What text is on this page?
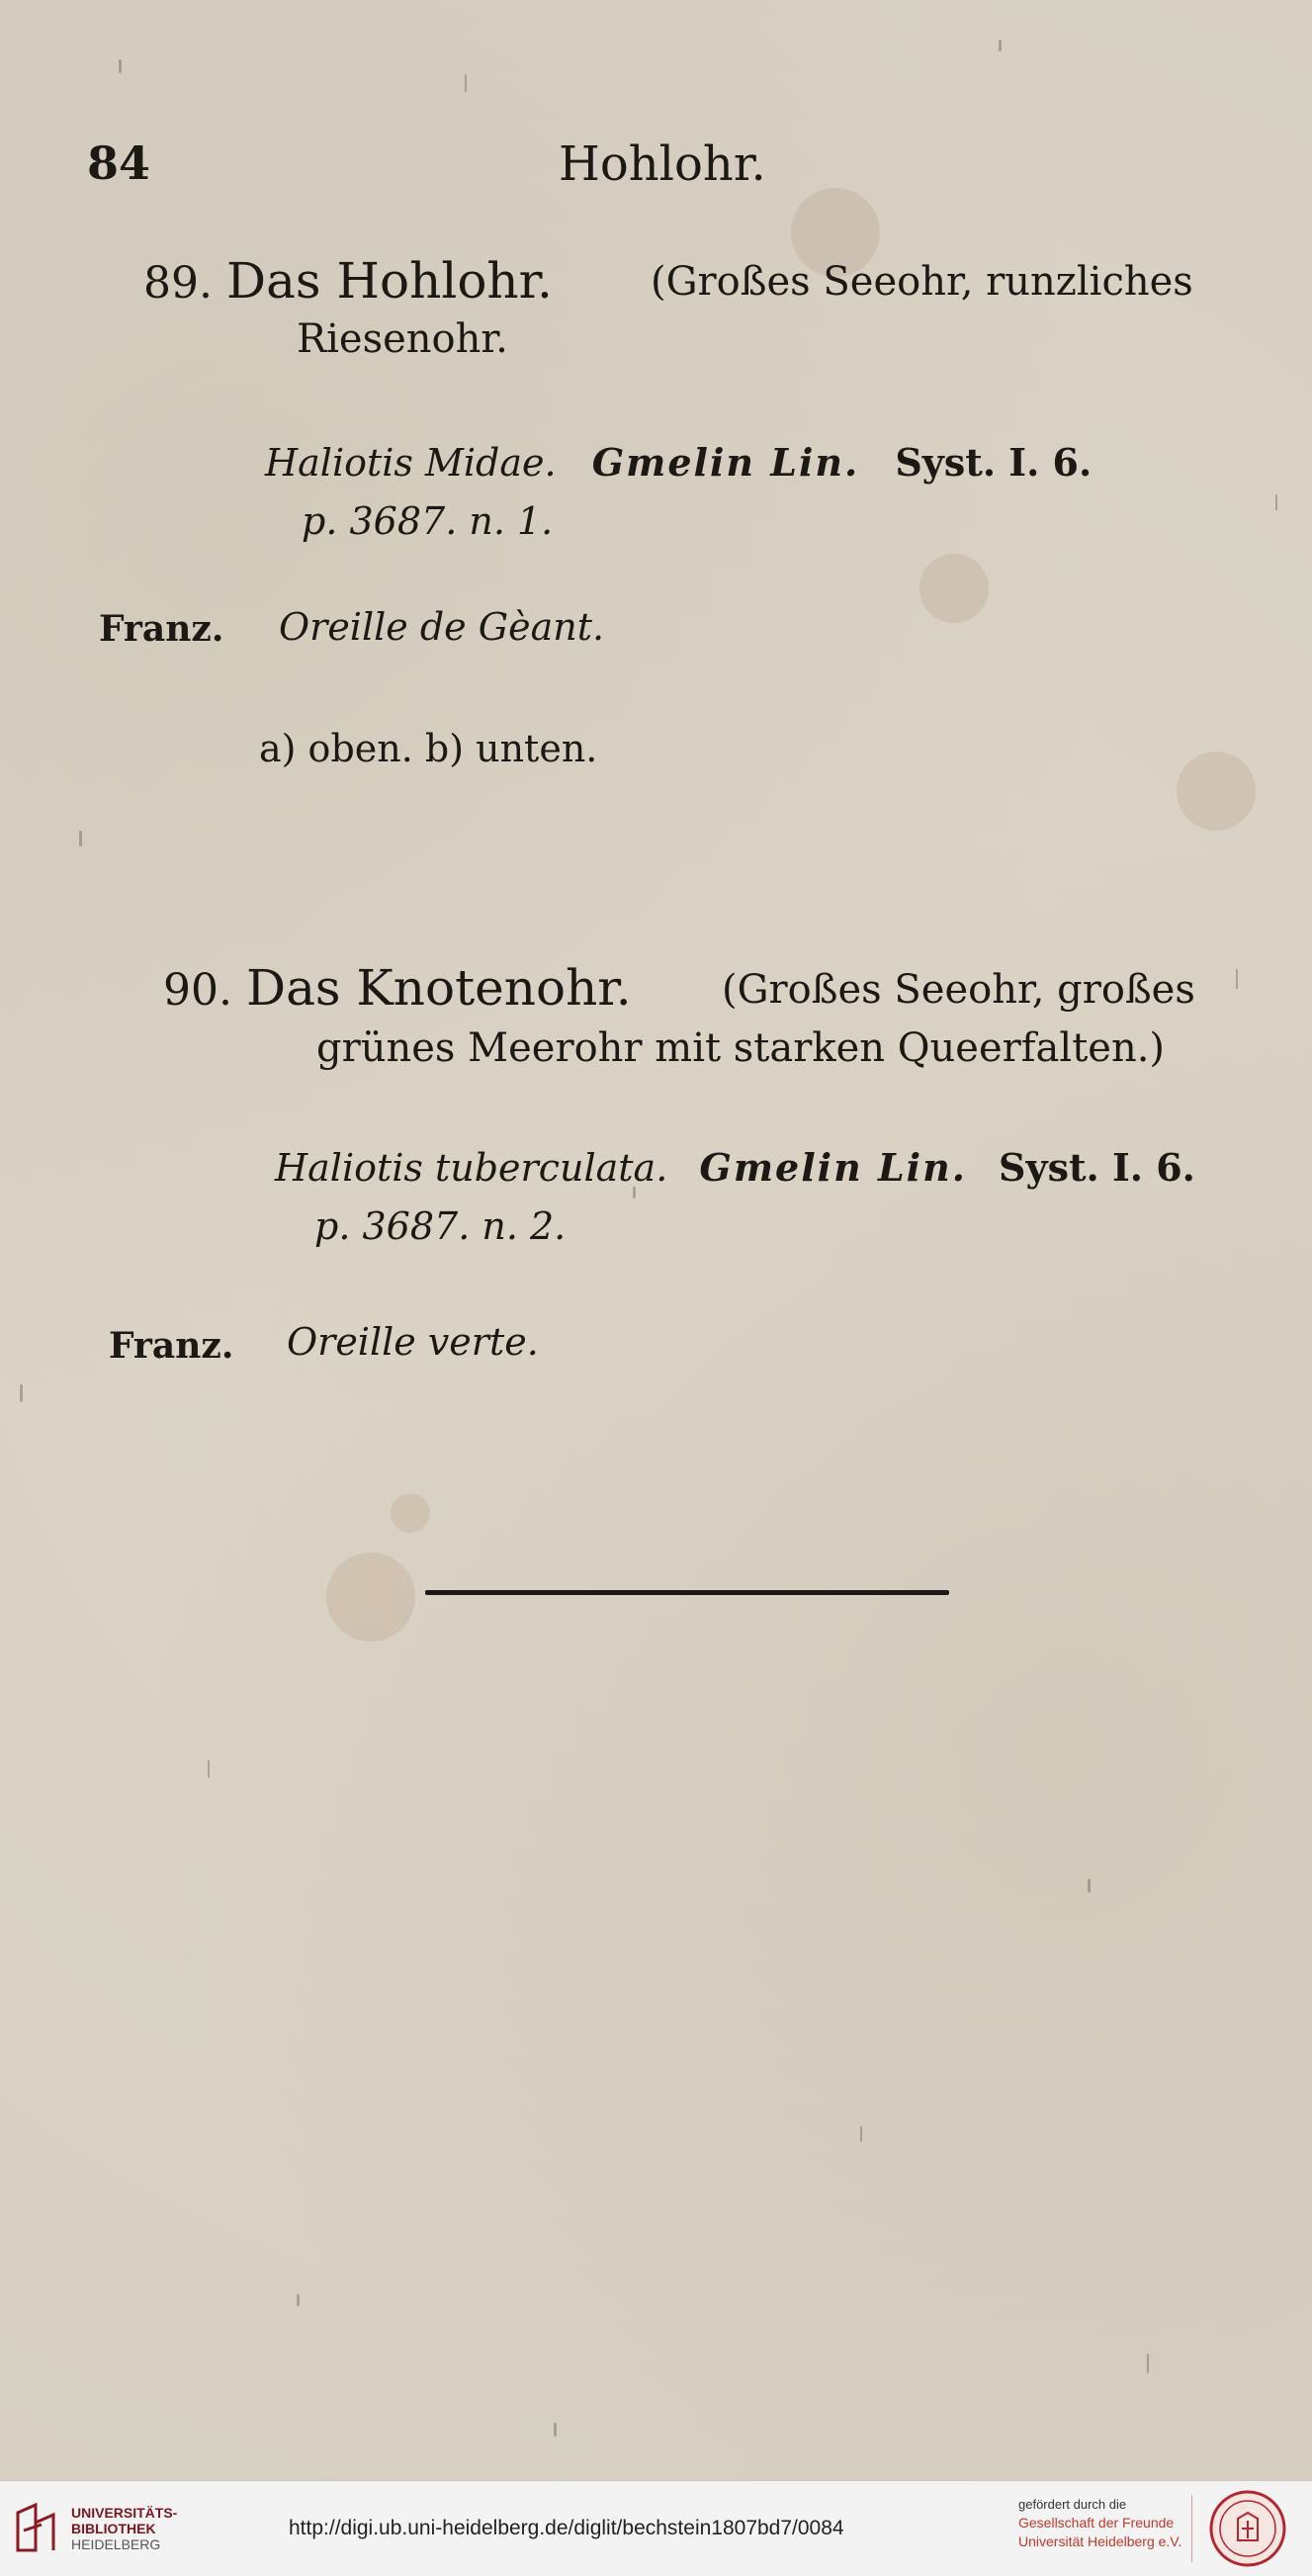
84	Hohlohr.
89. Das Hohlohr. (Großes Seeohr, runzliches
Riesenohr.
Haliotis Midae. Gmelin Lin. Syst. I. 6.
p. 3687. n. 1.
Franz. Oreille de Gèant.
a) oben. b) unten.
90. Das Knotenohr. (Großes Seeohr, großes
grünes Meerohr mit starken Queerfalten.)
Haliotis tuberculata. Gmelin Lin. Syst. I. 6.
p. 3687. n. 2.
Franz. Oreille verte.
UNIVERSITÄTS-
BIBLIOTHEK
HEIDELBERG
http://digi.ub.uni-heidelberg.de/diglit/bechstein1807bd7/0084
gefördert durch die
Gesellschaft der Freunde
Universität Heidelberg e.V.
